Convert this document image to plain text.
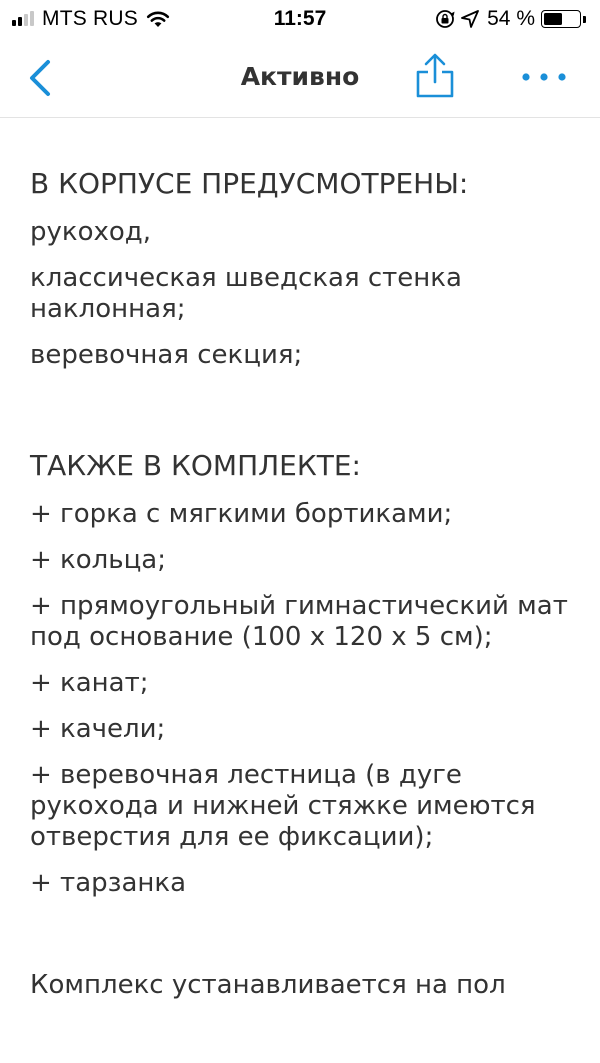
MTS RUS	11:57	54 %
Активно

В КОРПУСЕ ПРЕДУСМОТРЕНЫ:

рукоход,

классическая шведская стенка наклонная;

веревочная секция;

ТАКЖЕ В КОМПЛЕКТЕ:

+ горка с мягкими бортиками;

+ кольца;

+ прямоугольный гимнастический мат под основание (100 х 120 х 5 см);

+ канат;

+ качели;

+ веревочная лестница (в дуге рукохода и нижней стяжке имеются отверстия для ее фиксации);

+ тарзанка

Комплекс устанавливается на пол
